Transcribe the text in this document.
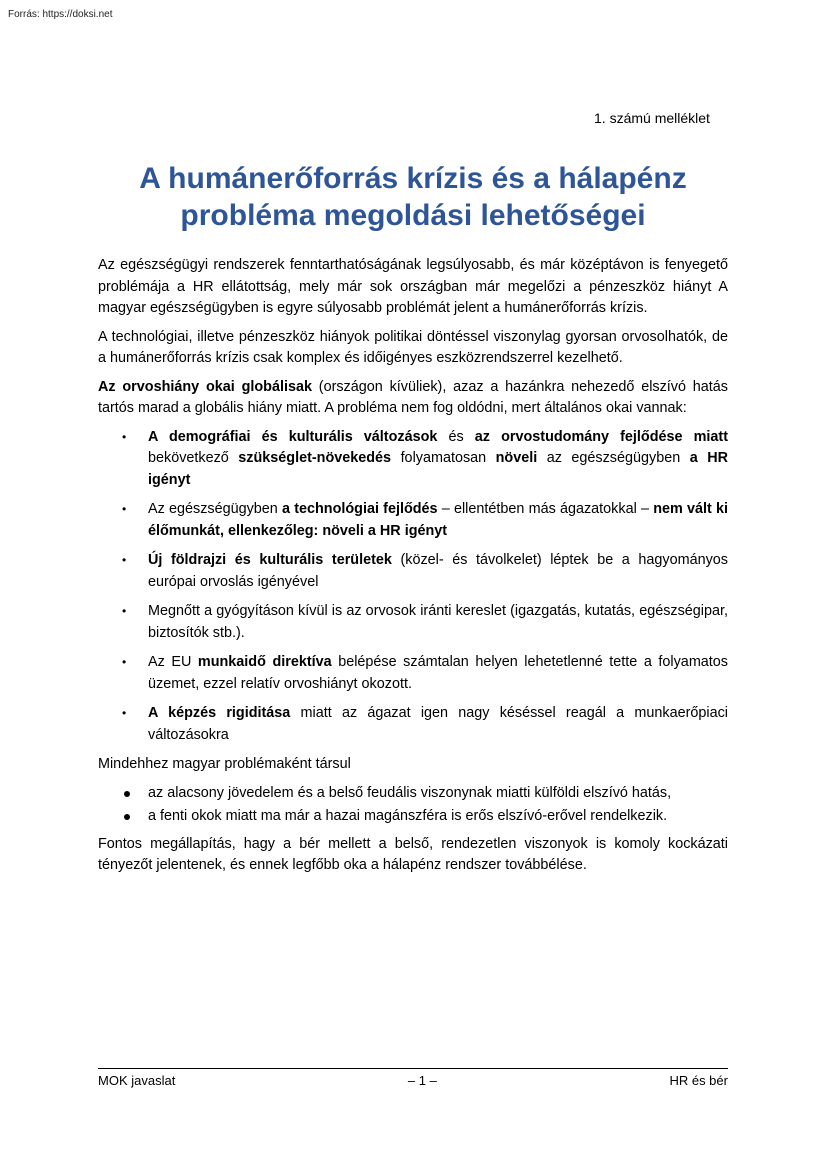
Forrás: https://doksi.net
1. számú melléklet
A humánerőforrás krízis és a hálapénz probléma megoldási lehetőségei

Az egészségügyi rendszerek fenntarthatóságának legsúlyosabb, és már középtávon is fenyegető problémája a HR ellátottság, mely már sok országban már megelőzi a pénzeszköz hiányt A magyar egészségügyben is egyre súlyosabb problémát jelent a humánerőforrás krízis.

A technológiai, illetve pénzeszköz hiányok politikai döntéssel viszonylag gyorsan orvosolhatók, de a humánerőforrás krízis csak komplex és időigényes eszközrendszerrel kezelhető.

Az orvoshiány okai globálisak (országon kívüliek), azaz a hazánkra nehezedő elszívó hatás tartós marad a globális hiány miatt. A probléma nem fog oldódni, mert általános okai vannak:

• A demográfiai és kulturális változások és az orvostudomány fejlődése miatt bekövetkező szükséglet-növekedés folyamatosan növeli az egészségügyben a HR igényt
• Az egészségügyben a technológiai fejlődés – ellentétben más ágazatokkal – nem vált ki élőmunkát, ellenkezőleg: növeli a HR igényt
• Új földrajzi és kulturális területek (közel- és távolkelet) léptek be a hagyományos európai orvoslás igényével
• Megnőtt a gyógyításon kívül is az orvosok iránti kereslet (igazgatás, kutatás, egészségipar, biztosítók stb.).
• Az EU munkaidő direktíva belépése számtalan helyen lehetetlenné tette a folyamatos üzemet, ezzel relatív orvoshiányt okozott.
• A képzés rigiditása miatt az ágazat igen nagy késéssel reagál a munkaerőpiaci változásokra

Mindehhez magyar problémaként társul

az alacsony jövedelem és a belső feudális viszonynak miatti külföldi elszívó hatás,
a fenti okok miatt ma már a hazai magánszféra is erős elszívó-erővel rendelkezik.

Fontos megállapítás, hagy a bér mellett a belső, rendezetlen viszonyok is komoly kockázati tényezőt jelentenek, és ennek legfőbb oka a hálapénz rendszer továbbélése.

MOK javaslat	– 1 –	HR és bér
